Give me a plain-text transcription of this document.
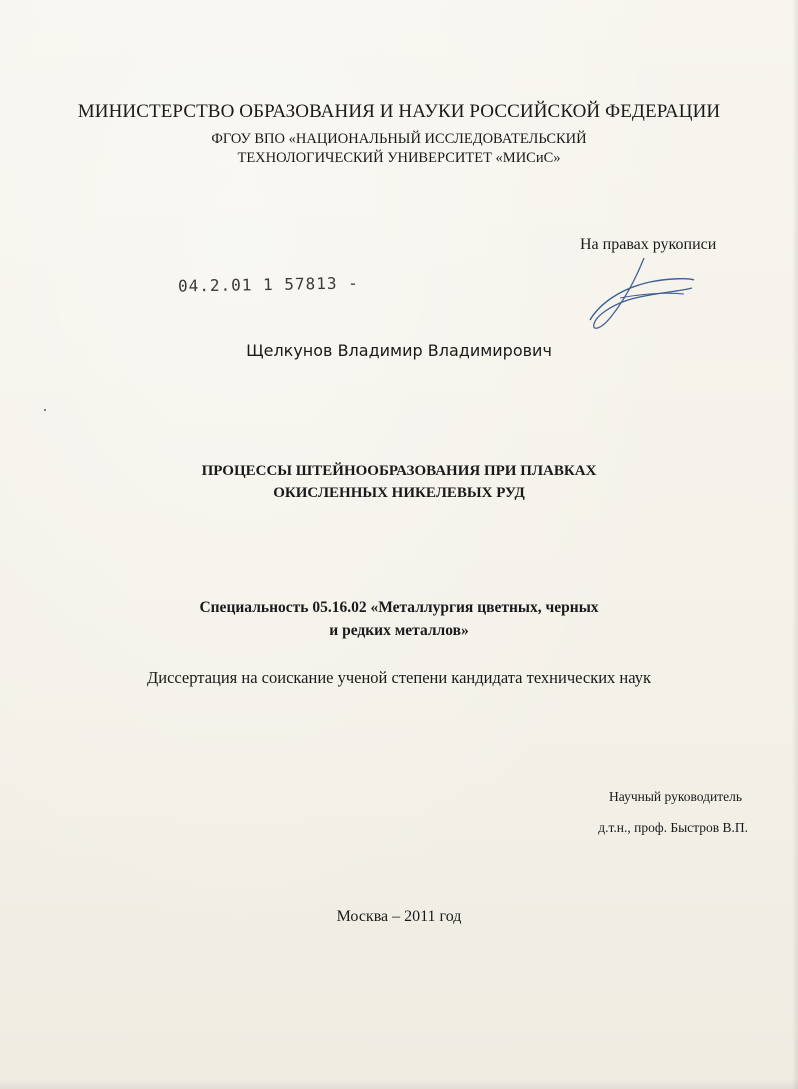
МИНИСТЕРСТВО ОБРАЗОВАНИЯ И НАУКИ РОССИЙСКОЙ ФЕДЕРАЦИИ
ФГОУ ВПО «НАЦИОНАЛЬНЫЙ ИССЛЕДОВАТЕЛЬСКИЙ
ТЕХНОЛОГИЧЕСКИЙ УНИВЕРСИТЕТ «МИСиС»
На правах рукописи
04.2.01 1 57813 -
Щелкунов Владимир Владимирович
ПРОЦЕССЫ ШТЕЙНООБРАЗОВАНИЯ ПРИ ПЛАВКАХ
ОКИСЛЕННЫХ НИКЕЛЕВЫХ РУД
Специальность 05.16.02 «Металлургия цветных, черных
и редких металлов»
Диссертация на соискание ученой степени кандидата технических наук
Научный руководитель
д.т.н., проф. Быстров В.П.
Москва – 2011 год
